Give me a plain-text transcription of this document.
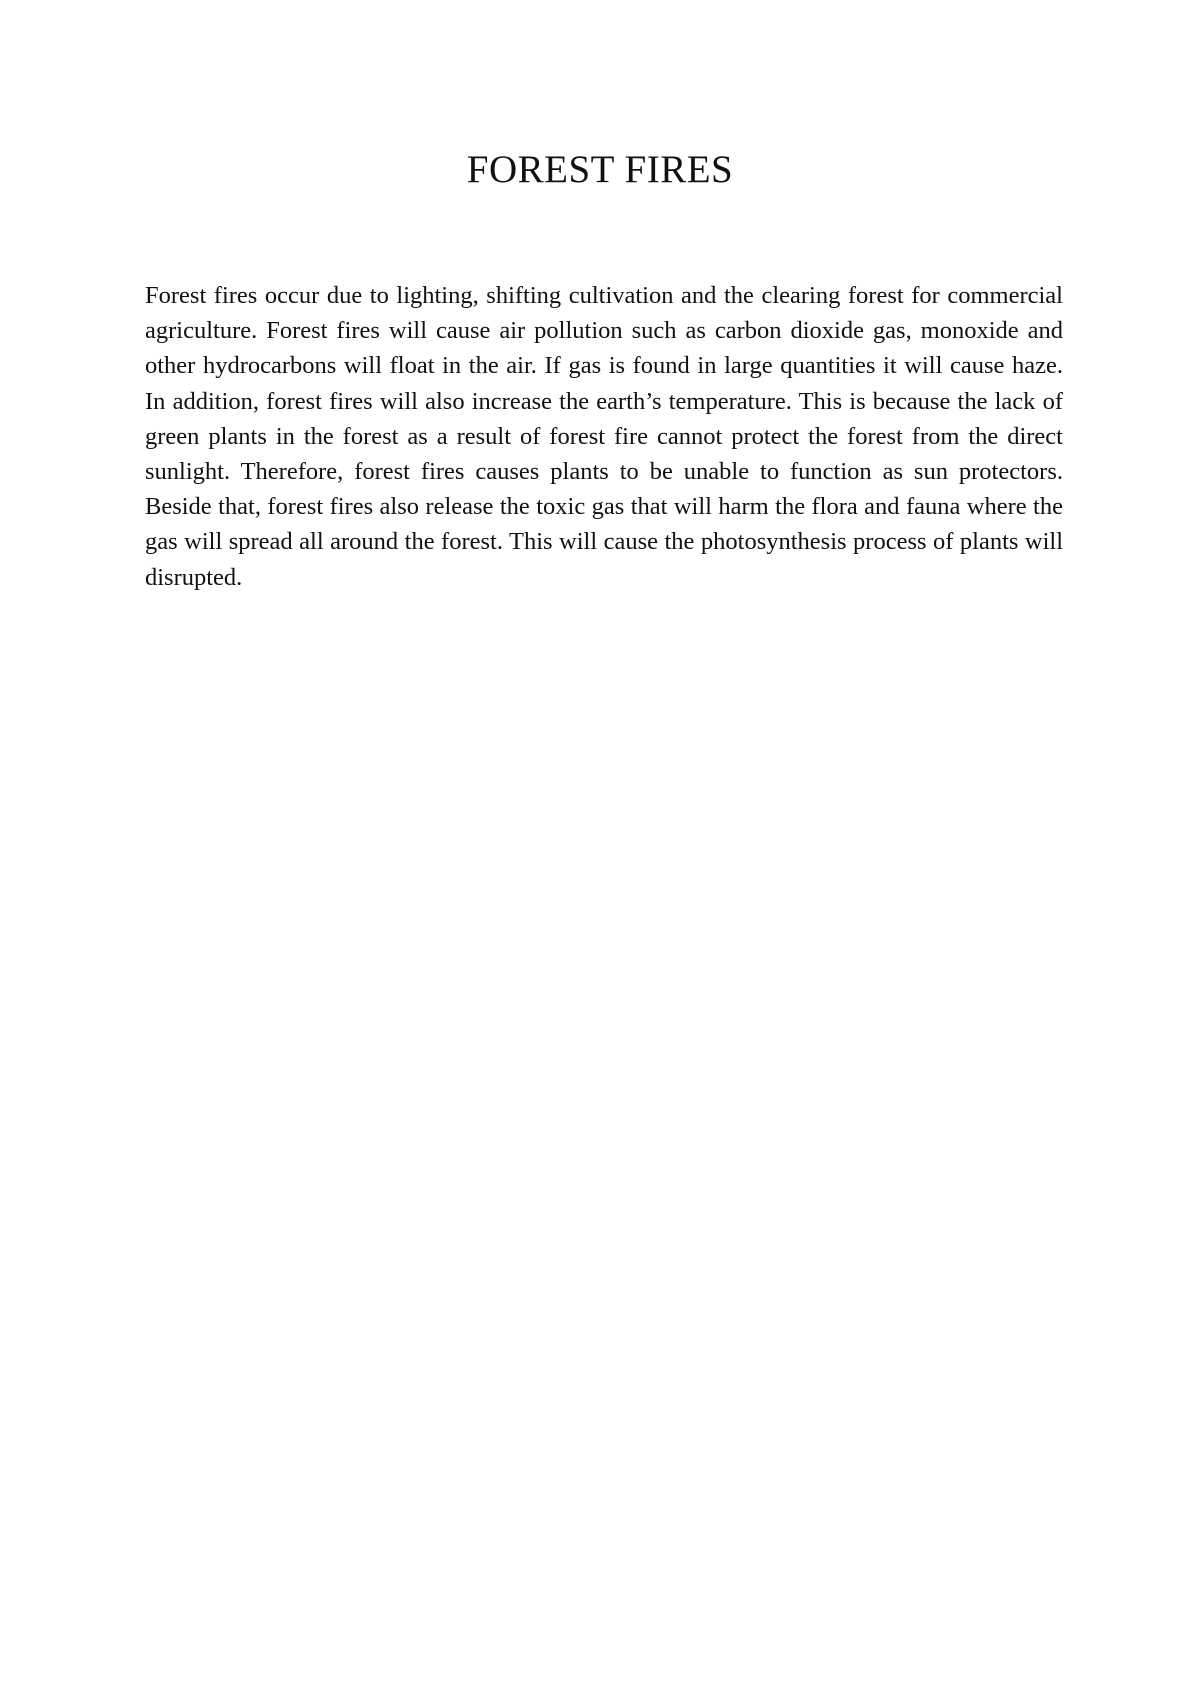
FOREST FIRES

Forest fires occur due to lighting, shifting cultivation and the clearing forest for commercial agriculture. Forest fires will cause air pollution such as carbon dioxide gas, monoxide and other hydrocarbons will float in the air. If gas is found in large quantities it will cause haze. In addition, forest fires will also increase the earth’s temperature. This is because the lack of green plants in the forest as a result of forest fire cannot protect the forest from the direct sunlight. Therefore, forest fires causes plants to be unable to function as sun protectors. Beside that, forest fires also release the toxic gas that will harm the flora and fauna where the gas will spread all around the forest. This will cause the photosynthesis process of plants will disrupted.
